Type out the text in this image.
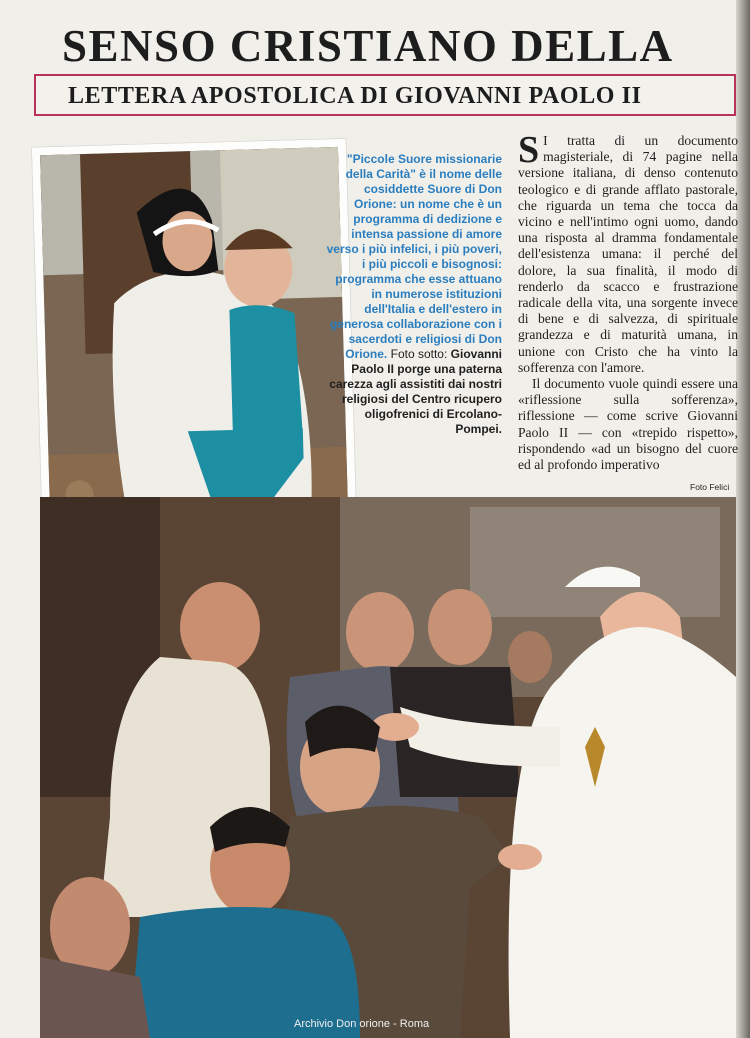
SENSO CRISTIANO DELLA
LETTERA APOSTOLICA DI GIOVANNI PAOLO II
"Piccole Suore missionarie della Carità" è il nome delle cosiddette Suore di Don Orione: un nome che è un programma di dedizione e intensa passione di amore verso i più infelici, i più poveri, i più piccoli e bisognosi: programma che esse attuano in numerose istituzioni dell'Italia e dell'estero in generosa collaborazione con i sacerdoti e religiosi di Don Orione. Foto sotto: Giovanni Paolo II porge una paterna carezza agli assistiti dai nostri religiosi del Centro ricupero oligofrenici di Ercolano-Pompei.

S I tratta di un documento magisteriale, di 74 pagine nella versione italiana, di denso contenuto teologico e di grande afflato pastorale, che riguarda un tema che tocca da vicino e nell'intimo ogni uomo, dando una risposta al dramma fondamentale dell'esistenza umana: il perché del dolore, la sua finalità, il modo di renderlo da scacco e frustrazione radicale della vita, una sorgente invece di bene e di salvezza, di spirituale grandezza e di maturità umana, in unione con Cristo che ha vinto la sofferenza con l'amore.

Il documento vuole quindi essere una «riflessione sulla sofferenza», riflessione — come scrive Giovanni Paolo II — con «trepido rispetto», rispondendo «ad un bisogno del cuore ed al profondo imperativo

Foto Felici
Archivio Don orione - Roma
